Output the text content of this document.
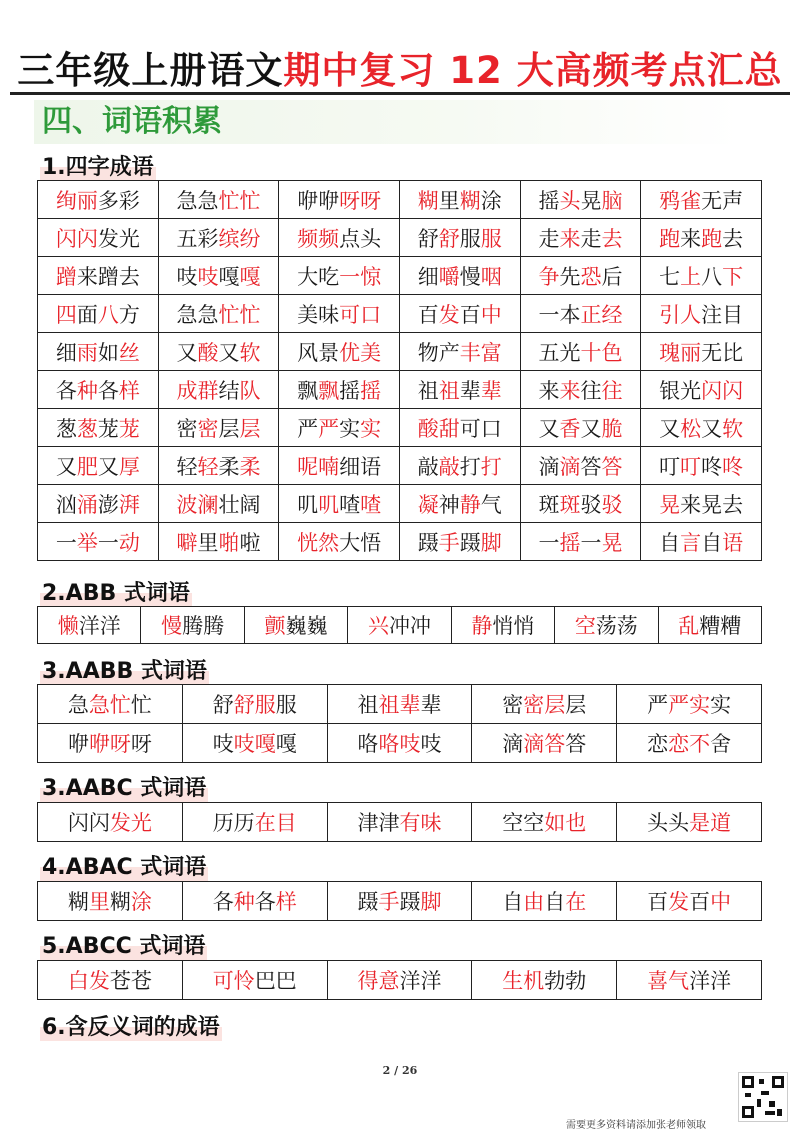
三年级上册语文期中复习 12 大高频考点汇总
四、词语积累
1.四字成语
绚丽多彩	急急忙忙	咿咿呀呀	糊里糊涂	摇头晃脑	鸦雀无声
闪闪发光	五彩缤纷	频频点头	舒舒服服	走来走去	跑来跑去
蹭来蹭去	吱吱嘎嘎	大吃一惊	细嚼慢咽	争先恐后	七上八下
四面八方	急急忙忙	美味可口	百发百中	一本正经	引人注目
细雨如丝	又酸又软	风景优美	物产丰富	五光十色	瑰丽无比
各种各样	成群结队	飘飘摇摇	祖祖辈辈	来来往往	银光闪闪
葱葱茏茏	密密层层	严严实实	酸甜可口	又香又脆	又松又软
又肥又厚	轻轻柔柔	呢喃细语	敲敲打打	滴滴答答	叮叮咚咚
汹涌澎湃	波澜壮阔	叽叽喳喳	凝神静气	斑斑驳驳	晃来晃去
一举一动	噼里啪啦	恍然大悟	蹑手蹑脚	一摇一晃	自言自语
2.ABB 式词语
懒洋洋	慢腾腾	颤巍巍	兴冲冲	静悄悄	空荡荡	乱糟糟
3.AABB 式词语
急急忙忙	舒舒服服	祖祖辈辈	密密层层	严严实实
咿咿呀呀	吱吱嘎嘎	咯咯吱吱	滴滴答答	恋恋不舍
3.AABC 式词语
闪闪发光	历历在目	津津有味	空空如也	头头是道
4.ABAC 式词语
糊里糊涂	各种各样	蹑手蹑脚	自由自在	百发百中
5.ABCC 式词语
白发苍苍	可怜巴巴	得意洋洋	生机勃勃	喜气洋洋
6.含反义词的成语
2 / 26
需要更多资料请添加张老师领取
